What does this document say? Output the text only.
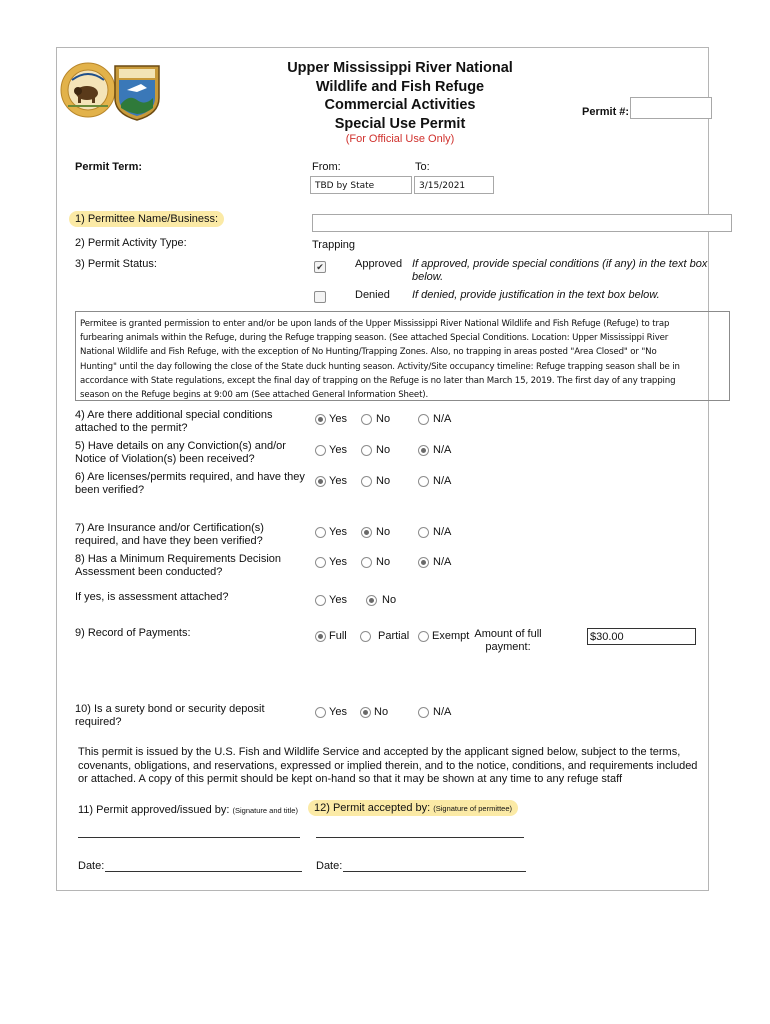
Upper Mississippi River National
Wildlife and Fish Refuge
Commercial Activities
Special Use Permit
(For Official Use Only)
Permit #:
Permit Term:	From:	To:
TBD by State	3/15/2021
1) Permittee Name/Business:
2) Permit Activity Type:	Trapping
3) Permit Status:	✔	Approved If approved, provide special conditions (if any) in the text box
below.
Denied If denied, provide justification in the text box below.
Permitee is granted permission to enter and/or be upon lands of the Upper Mississippi River National Wildlife and Fish Refuge (Refuge) to trap
furbearing animals within the Refuge, during the Refuge trapping season. (See attached Special Conditions. Location: Upper Mississippi River
National Wildlife and Fish Refuge, with the exception of No Hunting/Trapping Zones. Also, no trapping in areas posted "Area Closed" or "No
Hunting" until the day following the close of the State duck hunting season. Activity/Site occupancy timeline: Refuge trapping season shall be in
accordance with State regulations, except the final day of trapping on the Refuge is no later than March 15, 2019. The first day of any trapping
season on the Refuge begins at 9:00 am (See attached General Information Sheet).
4) Are there additional special conditions
attached to the permit?
Yes	No	N/A
5) Have details on any Conviction(s) and/or
Notice of Violation(s) been received?
Yes	No	N/A
6) Are licenses/permits required, and have they
been verified?
Yes	No	N/A
7) Are Insurance and/or Certification(s)
required, and have they been verified?
Yes	No	N/A
8) Has a Minimum Requirements Decision
Assessment been conducted?
Yes	No	N/A
If yes, is assessment attached?	Yes	No
9) Record of Payments:	Full	Partial Exempt Amount of full
payment:
$30.00
10) Is a surety bond or security deposit
required?
Yes No	N/A
This permit is issued by the U.S. Fish and Wildlife Service and accepted by the applicant signed below, subject to the terms,
covenants, obligations, and reservations, expressed or implied therein, and to the notice, conditions, and requirements included
or attached. A copy of this permit should be kept on-hand so that it may be shown at any time to any refuge staff
11) Permit approved/issued by: (Signature and title)	12) Permit accepted by: (Signature of permittee)
Date:	Date:
